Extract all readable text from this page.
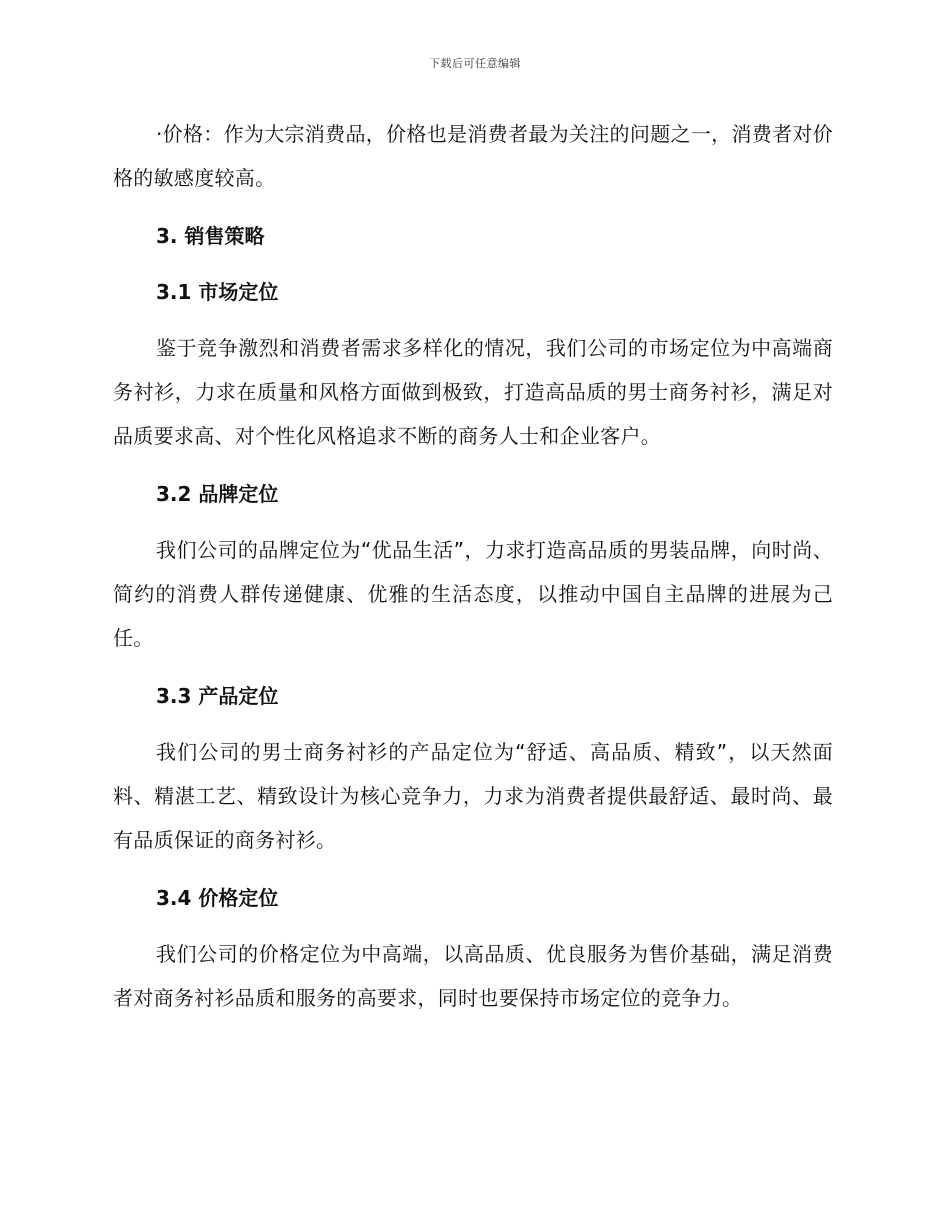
下载后可任意编辑

·价格：作为大宗消费品，价格也是消费者最为关注的问题之一，消费者对价格的敏感度较高。

3. 销售策略
3.1 市场定位

鉴于竞争激烈和消费者需求多样化的情况，我们公司的市场定位为中高端商务衬衫，力求在质量和风格方面做到极致，打造高品质的男士商务衬衫，满足对品质要求高、对个性化风格追求不断的商务人士和企业客户。

3.2 品牌定位

我们公司的品牌定位为“优品生活”，力求打造高品质的男装品牌，向时尚、简约的消费人群传递健康、优雅的生活态度，以推动中国自主品牌的进展为己任。

3.3 产品定位

我们公司的男士商务衬衫的产品定位为“舒适、高品质、精致”，以天然面料、精湛工艺、精致设计为核心竞争力，力求为消费者提供最舒适、最时尚、最有品质保证的商务衬衫。

3.4 价格定位

我们公司的价格定位为中高端，以高品质、优良服务为售价基础，满足消费者对商务衬衫品质和服务的高要求，同时也要保持市场定位的竞争力。
